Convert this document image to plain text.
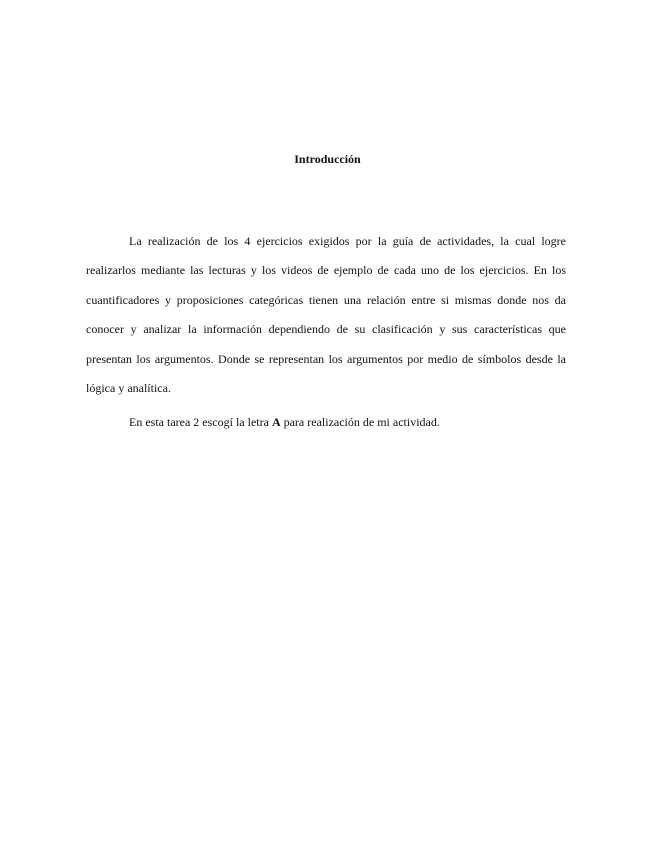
Introducción

La realización de los 4 ejercicios exigidos por la guía de actividades, la cual logre realizarlos mediante las lecturas y los videos de ejemplo de cada uno de los ejercicios. En los cuantificadores y proposiciones categóricas tienen una relación entre si mismas donde nos da conocer y analizar la información dependiendo de su clasificación y sus características que presentan los argumentos. Donde se representan los argumentos por medio de símbolos desde la lógica y analítica.

En esta tarea 2 escogí la letra A para realización de mi actividad.
